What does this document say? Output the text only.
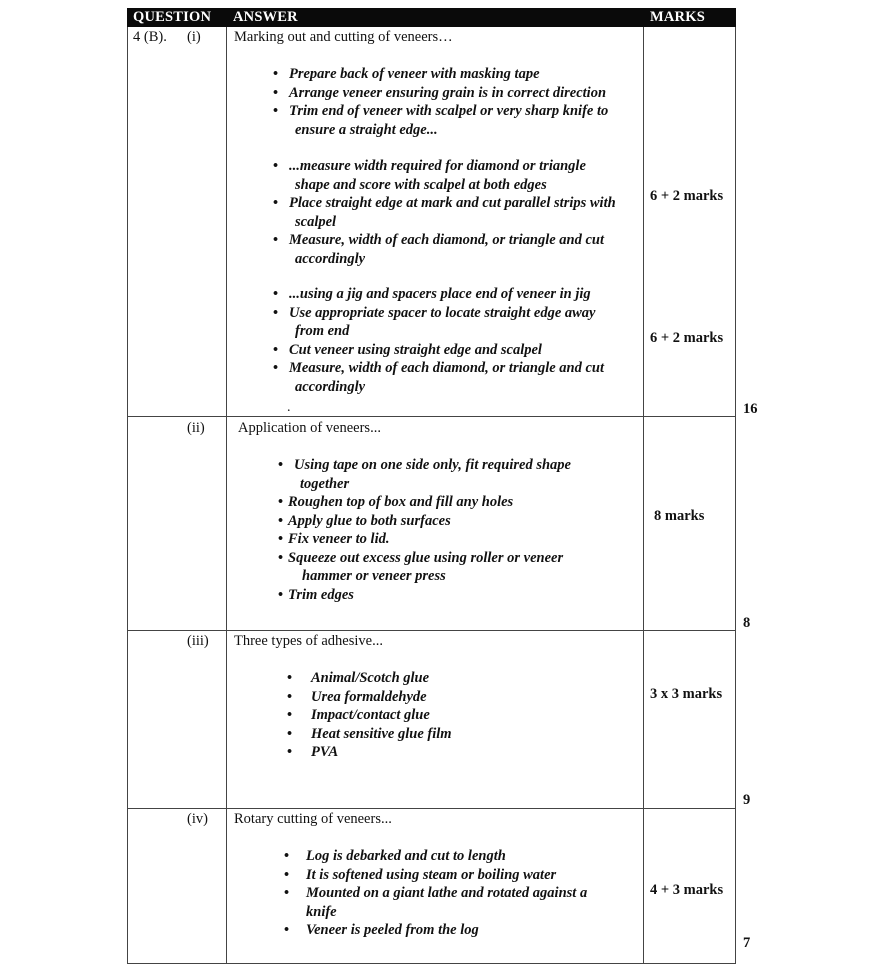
QUESTION ANSWER	MARKS
4 (B). (i) Marking out and cutting of veneers…
• Prepare back of veneer with masking tape
• Arrange veneer ensuring grain is in correct direction
• Trim end of veneer with scalpel or very sharp knife to
ensure a straight edge...
• ...measure width required for diamond or triangle
shape and score with scalpel at both edges
• Place straight edge at mark and cut parallel strips with
scalpel
• Measure, width of each diamond, or triangle and cut
accordingly
6 + 2 marks
• ...using a jig and spacers place end of veneer in jig
• Use appropriate spacer to locate straight edge away
from end
• Cut veneer using straight edge and scalpel
• Measure, width of each diamond, or triangle and cut
accordingly
6 + 2 marks
.	16
(ii) Application of veneers...
• Using tape on one side only, fit required shape
together
• Roughen top of box and fill any holes
• Apply glue to both surfaces
• Fix veneer to lid.
• Squeeze out excess glue using roller or veneer
hammer or veneer press
• Trim edges
8 marks
8
(iii) Three types of adhesive...
• Animal/Scotch glue
• Urea formaldehyde
• Impact/contact glue
• Heat sensitive glue film
• PVA
3 x 3 marks
9
(iv) Rotary cutting of veneers...
• Log is debarked and cut to length
• It is softened using steam or boiling water
• Mounted on a giant lathe and rotated against a
knife
• Veneer is peeled from the log
4 + 3 marks
7
